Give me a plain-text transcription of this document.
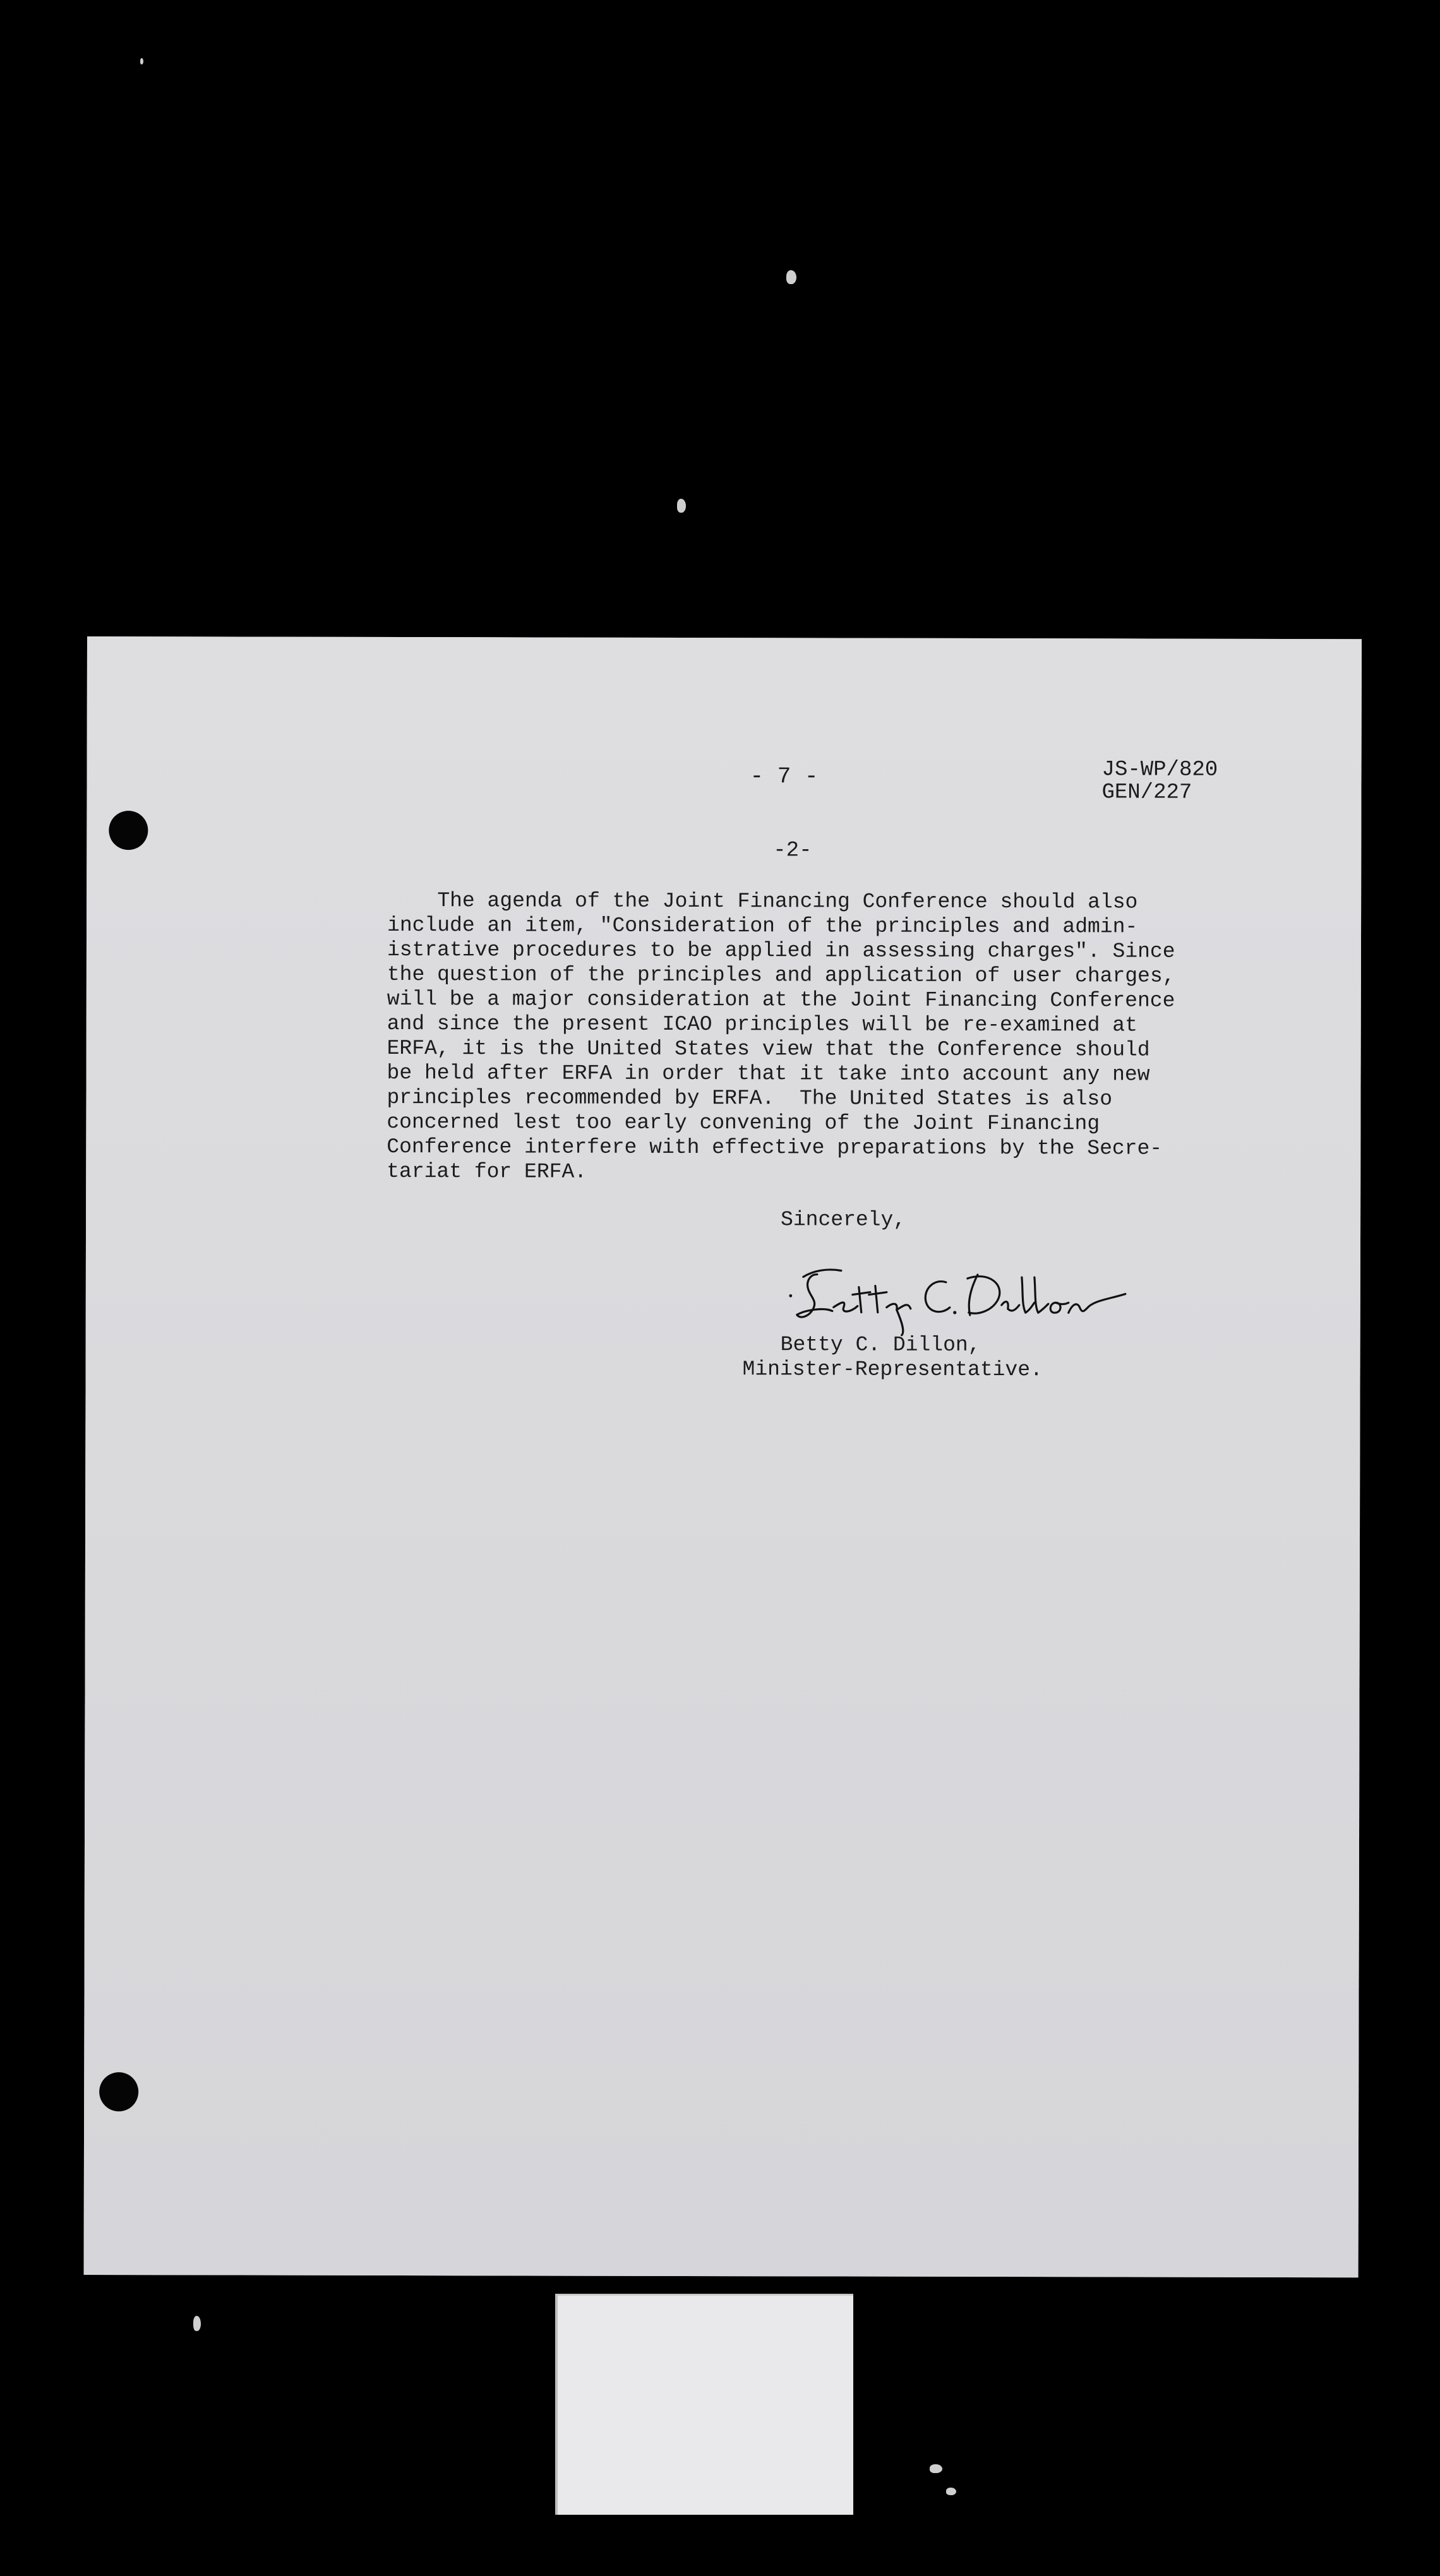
- 7 -	JS-WP/820
GEN/227
-2-
The agenda of the Joint Financing Conference should also
include an item, "Consideration of the principles and admin-
istrative procedures to be applied in assessing charges". Since
the question of the principles and application of user charges,
will be a major consideration at the Joint Financing Conference
and since the present ICAO principles will be re-examined at
ERFA, it is the United States view that the Conference should
be held after ERFA in order that it take into account any new
principles recommended by ERFA.  The United States is also
concerned lest too early convening of the Joint Financing
Conference interfere with effective preparations by the Secre-
tariat for ERFA.
Sincerely,
Betty C. Dillon,
Minister-Representative.
